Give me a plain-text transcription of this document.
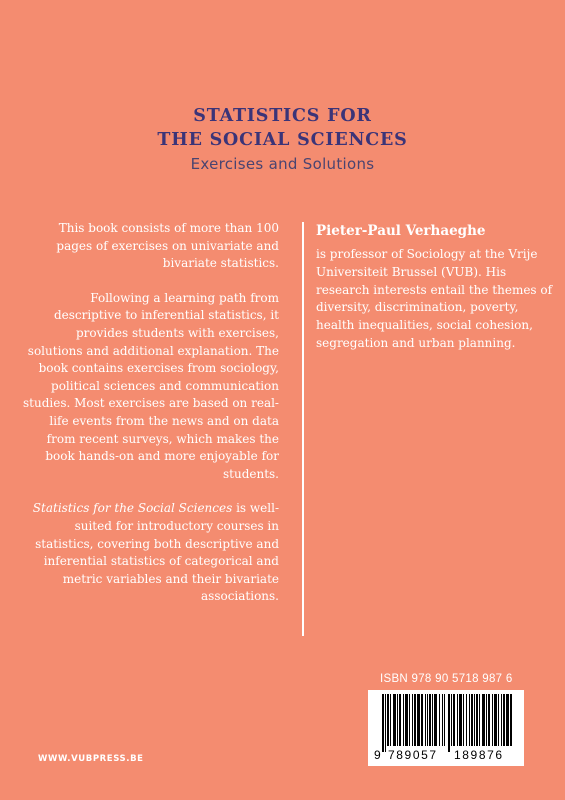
STATISTICS FOR
THE SOCIAL SCIENCES
Exercises and Solutions

This book consists of more than 100 pages of exercises on univariate and bivariate statistics.

Following a learning path from descriptive to inferential statistics, it provides students with exercises, solutions and additional explanation. The book contains exercises from sociology, political sciences and communication studies. Most exercises are based on real-life events from the news and on data from recent surveys, which makes the book hands-on and more enjoyable for students.

Statistics for the Social Sciences is well-suited for introductory courses in statistics, covering both descriptive and inferential statistics of categorical and metric variables and their bivariate associations.

Pieter-Paul Verhaeghe
is professor of Sociology at the Vrije Universiteit Brussel (VUB). His research interests entail the themes of diversity, discrimination, poverty, health inequalities, social cohesion, segregation and urban planning.
ISBN 978 90 5718 987 6
9 789057 189876
WWW.VUBPRESS.BE
